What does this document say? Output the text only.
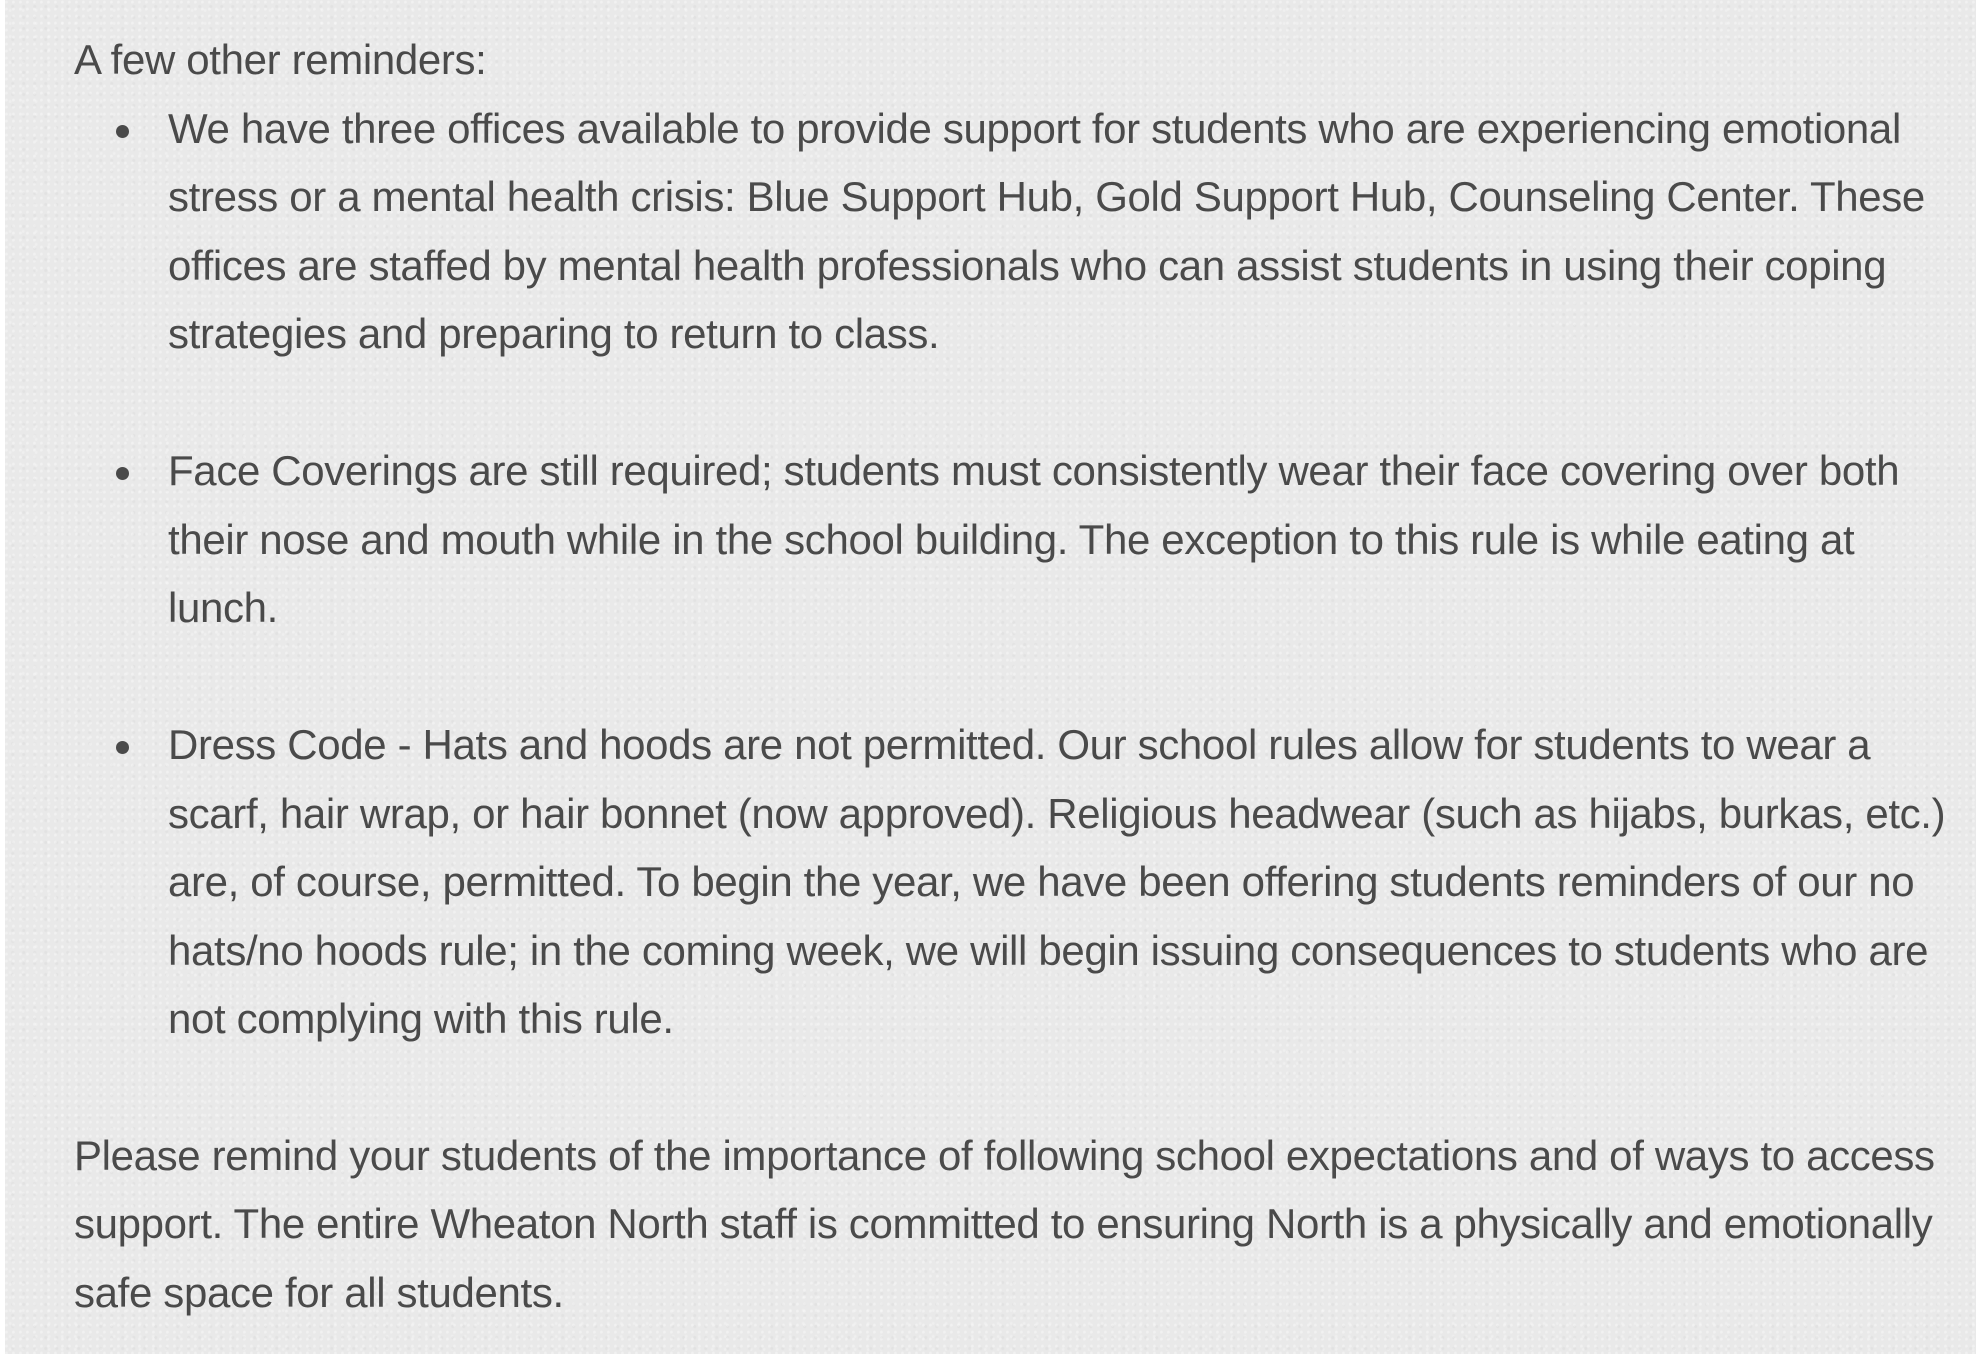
A few other reminders:

We have three offices available to provide support for students who are experiencing emotional stress or a mental health crisis: Blue Support Hub, Gold Support Hub, Counseling Center. These offices are staffed by mental health professionals who can assist students in using their coping strategies and preparing to return to class.
Face Coverings are still required; students must consistently wear their face covering over both their nose and mouth while in the school building. The exception to this rule is while eating at lunch.
Dress Code - Hats and hoods are not permitted. Our school rules allow for students to wear a scarf, hair wrap, or hair bonnet (now approved). Religious headwear (such as hijabs, burkas, etc.) are, of course, permitted. To begin the year, we have been offering students reminders of our no hats/no hoods rule; in the coming week, we will begin issuing consequences to students who are not complying with this rule.

Please remind your students of the importance of following school expectations and of ways to access support. The entire Wheaton North staff is committed to ensuring North is a physically and emotionally safe space for all students.
